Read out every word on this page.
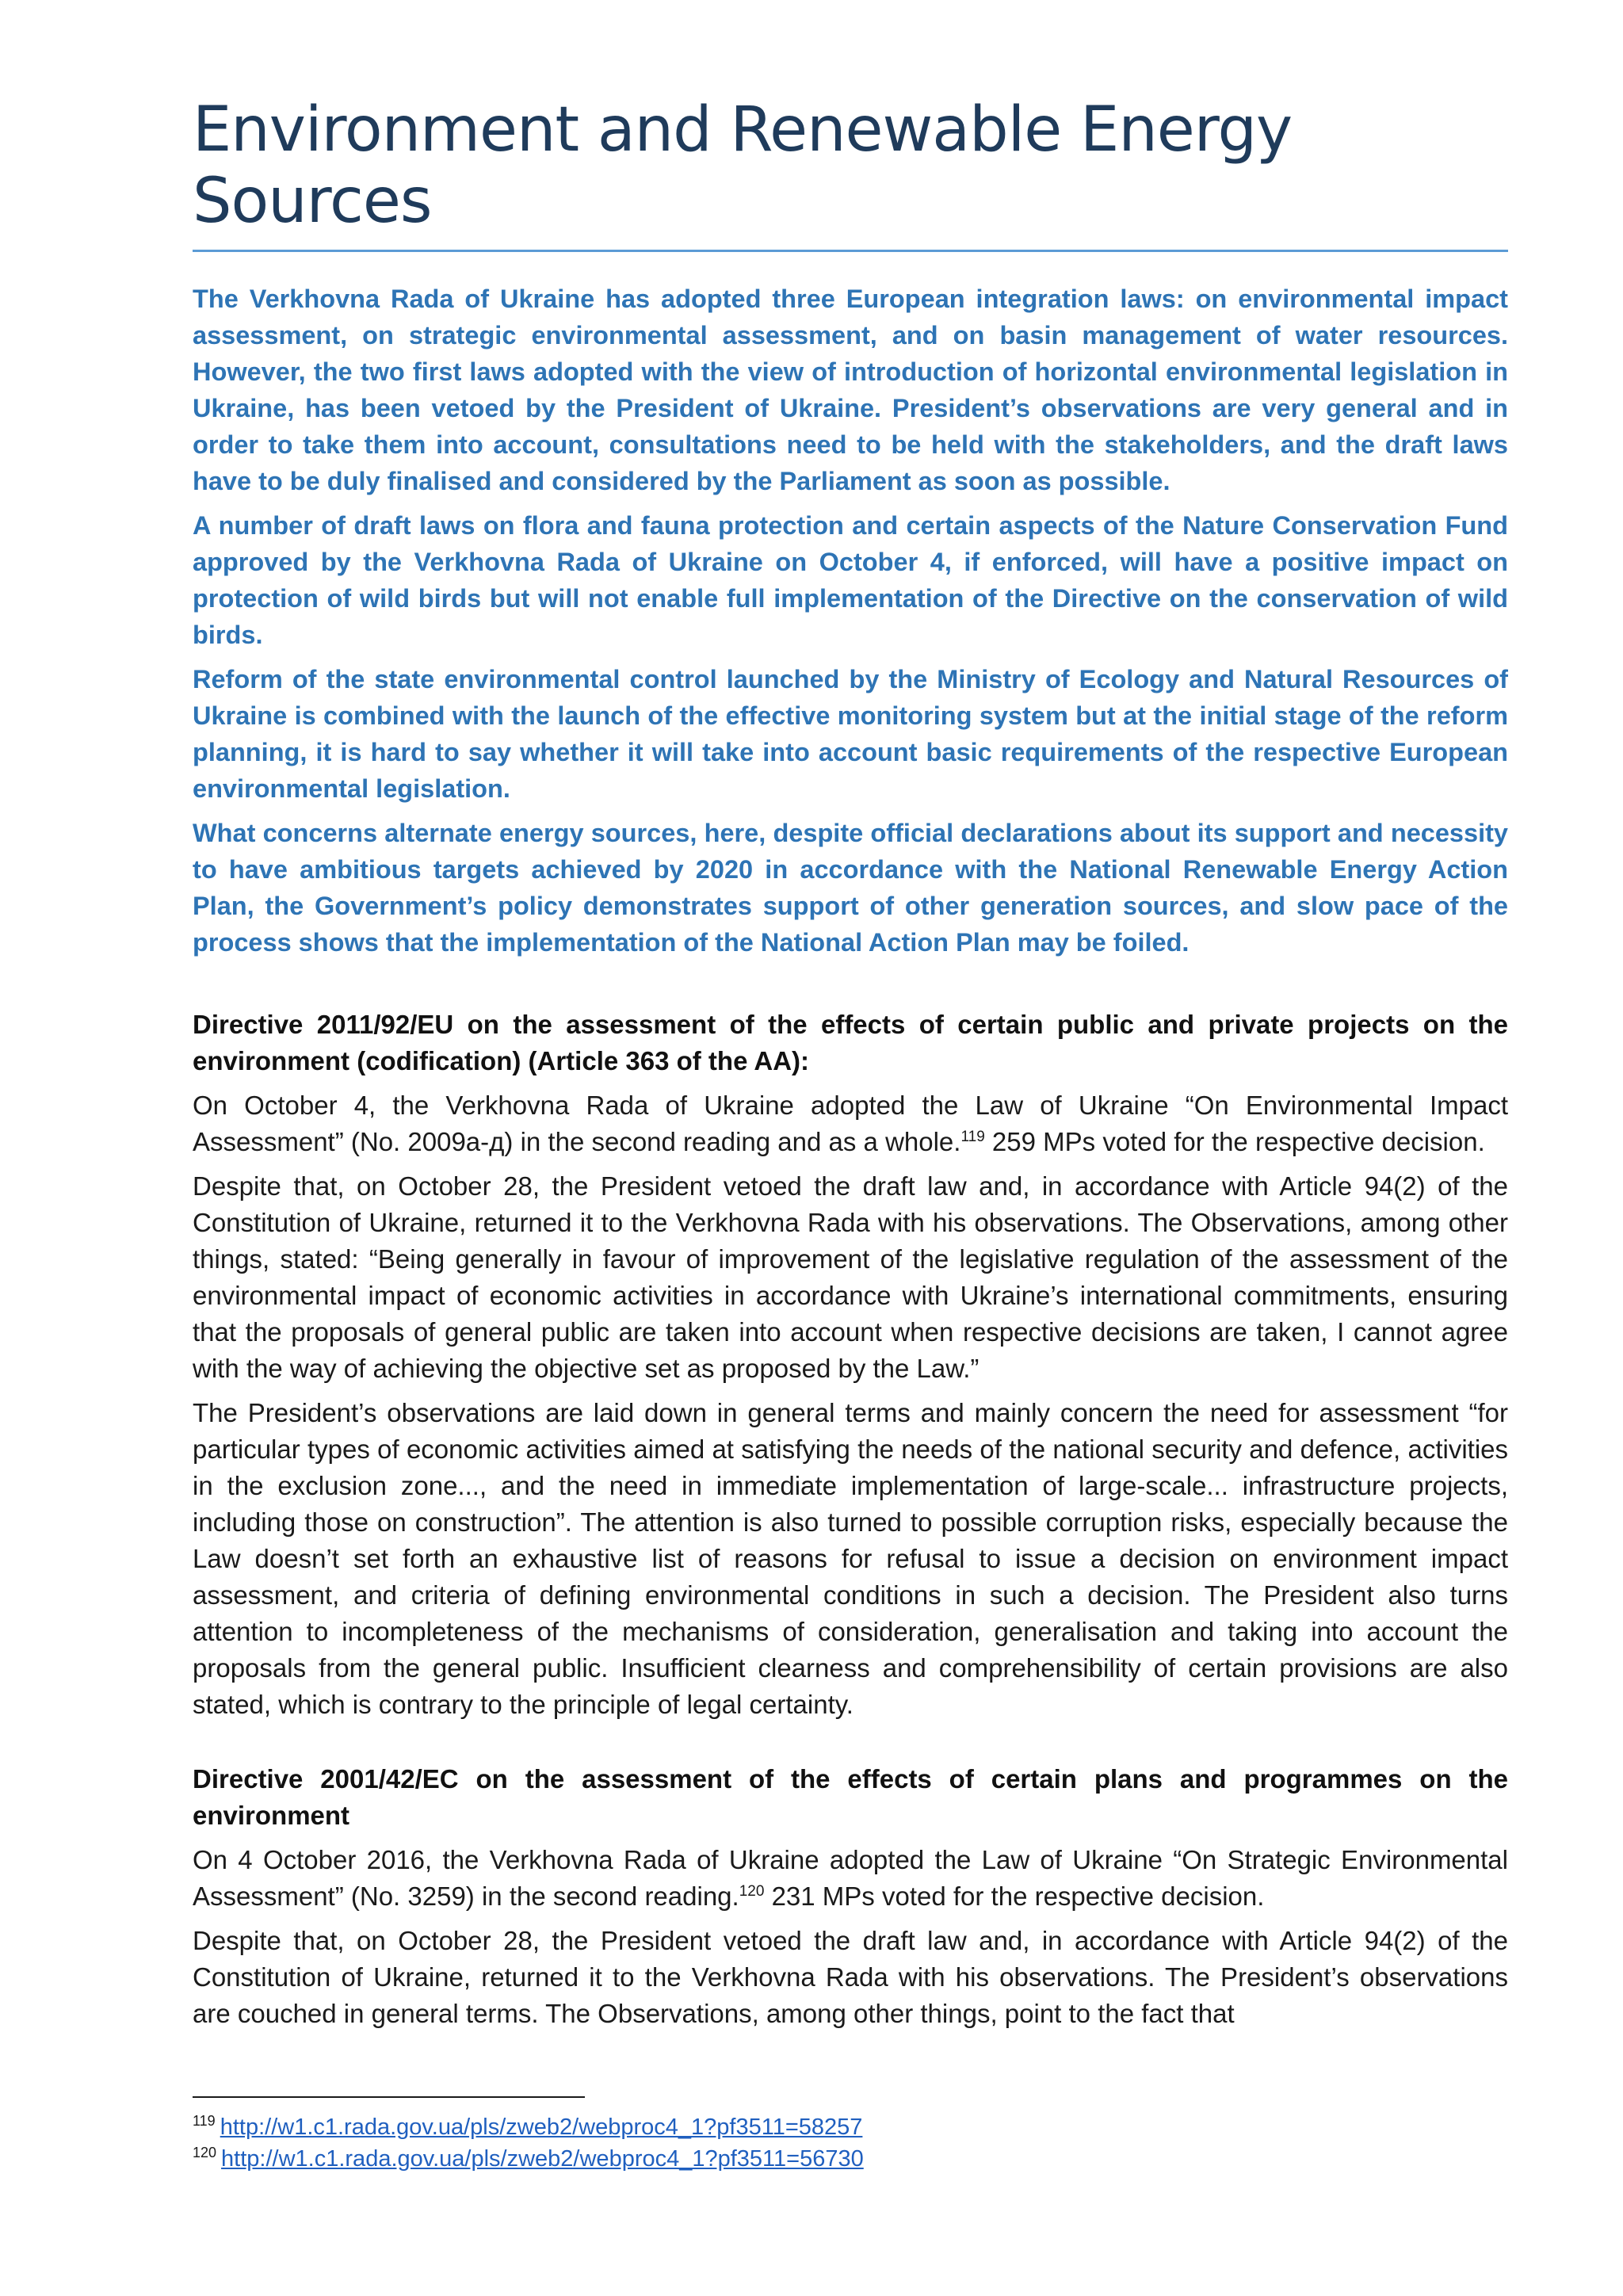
Environment and Renewable Energy Sources

The Verkhovna Rada of Ukraine has adopted three European integration laws: on environmental impact assessment, on strategic environmental assessment, and on basin management of water resources. However, the two first laws adopted with the view of introduction of horizontal environmental legislation in Ukraine, has been vetoed by the President of Ukraine. President’s observations are very general and in order to take them into account, consultations need to be held with the stakeholders, and the draft laws have to be duly finalised and considered by the Parliament as soon as possible.

A number of draft laws on flora and fauna protection and certain aspects of the Nature Conservation Fund approved by the Verkhovna Rada of Ukraine on October 4, if enforced, will have a positive impact on protection of wild birds but will not enable full implementation of the Directive on the conservation of wild birds.

Reform of the state environmental control launched by the Ministry of Ecology and Natural Resources of Ukraine is combined with the launch of the effective monitoring system but at the initial stage of the reform planning, it is hard to say whether it will take into account basic requirements of the respective European environmental legislation.

What concerns alternate energy sources, here, despite official declarations about its support and necessity to have ambitious targets achieved by 2020 in accordance with the National Renewable Energy Action Plan, the Government’s policy demonstrates support of other generation sources, and slow pace of the process shows that the implementation of the National Action Plan may be foiled.

Directive 2011/92/EU on the assessment of the effects of certain public and private projects on the environment (codification) (Article 363 of the AA):

On October 4, the Verkhovna Rada of Ukraine adopted the Law of Ukraine “On Environmental Impact Assessment” (No. 2009а-д) in the second reading and as a whole.$^{119}$ 259 MPs voted for the respective decision.

Despite that, on October 28, the President vetoed the draft law and, in accordance with Article 94(2) of the Constitution of Ukraine, returned it to the Verkhovna Rada with his observations. The Observations, among other things, stated: “Being generally in favour of improvement of the legislative regulation of the assessment of the environmental impact of economic activities in accordance with Ukraine’s international commitments, ensuring that the proposals of general public are taken into account when respective decisions are taken, I cannot agree with the way of achieving the objective set as proposed by the Law.”

The President’s observations are laid down in general terms and mainly concern the need for assessment “for particular types of economic activities aimed at satisfying the needs of the national security and defence, activities in the exclusion zone..., and the need in immediate implementation of large-scale... infrastructure projects, including those on construction”. The attention is also turned to possible corruption risks, especially because the Law doesn’t set forth an exhaustive list of reasons for refusal to issue a decision on environment impact assessment, and criteria of defining environmental conditions in such a decision. The President also turns attention to incompleteness of the mechanisms of consideration, generalisation and taking into account the proposals from the general public. Insufficient clearness and comprehensibility of certain provisions are also stated, which is contrary to the principle of legal certainty.

Directive 2001/42/EC on the assessment of the effects of certain plans and programmes on the environment

On 4 October 2016, the Verkhovna Rada of Ukraine adopted the Law of Ukraine “On Strategic Environmental Assessment” (No. 3259) in the second reading.$^{120}$ 231 MPs voted for the respective decision.

Despite that, on October 28, the President vetoed the draft law and, in accordance with Article 94(2) of the Constitution of Ukraine, returned it to the Verkhovna Rada with his observations. The President’s observations are couched in general terms. The Observations, among other things, point to the fact that

$^{119}$ http://w1.c1.rada.gov.ua/pls/zweb2/webproc4_1?pf3511=58257
$^{120}$ http://w1.c1.rada.gov.ua/pls/zweb2/webproc4_1?pf3511=56730
